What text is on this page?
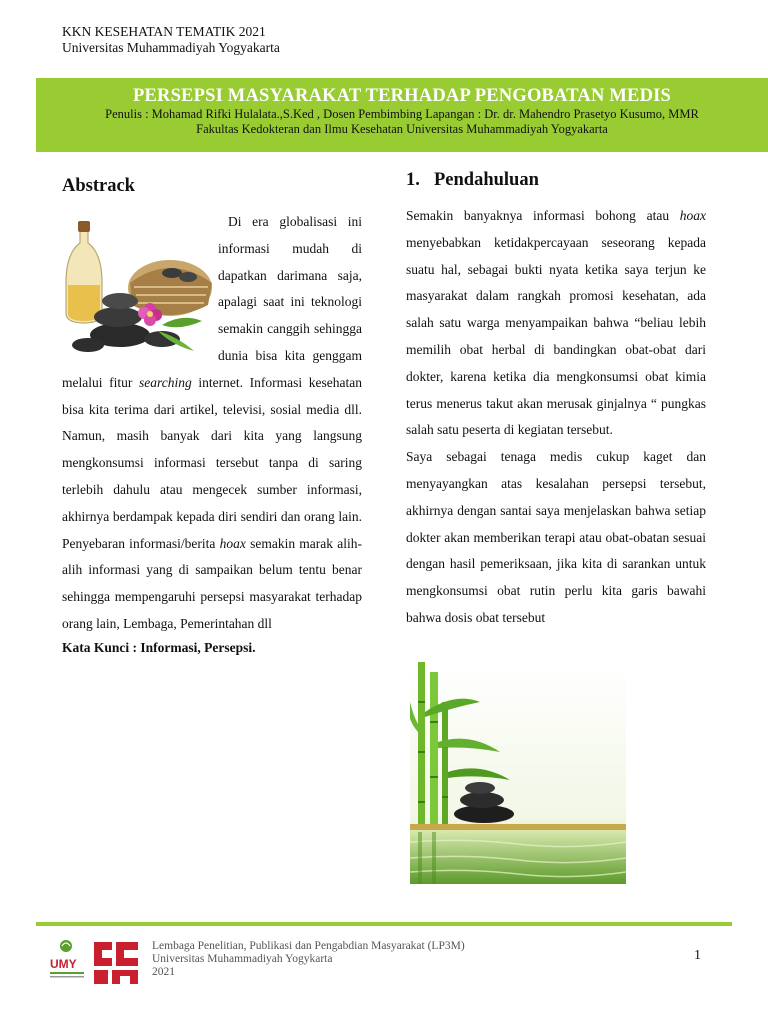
KKN KESEHATAN TEMATIK 2021
Universitas Muhammadiyah Yogyakarta
PERSEPSI MASYARAKAT TERHADAP PENGOBATAN MEDIS
Penulis : Mohamad Rifki Hulalata.,S.Ked , Dosen Pembimbing Lapangan : Dr. dr. Mahendro Prasetyo Kusumo, MMR
Fakultas Kedokteran dan Ilmu Kesehatan Universitas Muhammadiyah Yogyakarta
Abstrack
Di era globalisasi ini informasi mudah di dapatkan darimana saja, apalagi saat ini teknologi semakin canggih sehingga dunia bisa kita genggam melalui fitur searching internet. Informasi kesehatan bisa kita terima dari artikel, televisi, sosial media dll. Namun, masih banyak dari kita yang langsung mengkonsumsi informasi tersebut tanpa di saring terlebih dahulu atau mengecek sumber informasi, akhirnya berdampak kepada diri sendiri dan orang lain. Penyebaran informasi/berita hoax semakin marak alih-alih informasi yang di sampaikan belum tentu benar sehingga mempengaruhi persepsi masyarakat terhadap orang lain, Lembaga, Pemerintahan dll
Kata Kunci : Informasi, Persepsi.
1. Pendahuluan
Semakin banyaknya informasi bohong atau hoax menyebabkan ketidakpercayaan seseorang kepada suatu hal, sebagai bukti nyata ketika saya terjun ke masyarakat dalam rangkah promosi kesehatan, ada salah satu warga menyampaikan bahwa “beliau lebih memilih obat herbal di bandingkan obat-obat dari dokter, karena ketika dia mengkonsumsi obat kimia terus menerus takut akan merusak ginjalnya “ pungkas salah satu peserta di kegiatan tersebut.
Saya sebagai tenaga medis cukup kaget dan menyayangkan atas kesalahan persepsi tersebut, akhirnya dengan santai saya menjelaskan bahwa setiap dokter akan memberikan terapi atau obat-obatan sesuai dengan hasil pemeriksaan, jika kita di sarankan untuk mengkonsumsi obat rutin perlu kita garis bawahi bahwa dosis obat tersebut
UMY
Lembaga Penelitian, Publikasi dan Pengabdian Masyarakat (LP3M)
Universitas Muhammadiyah Yogykarta
2021
1
